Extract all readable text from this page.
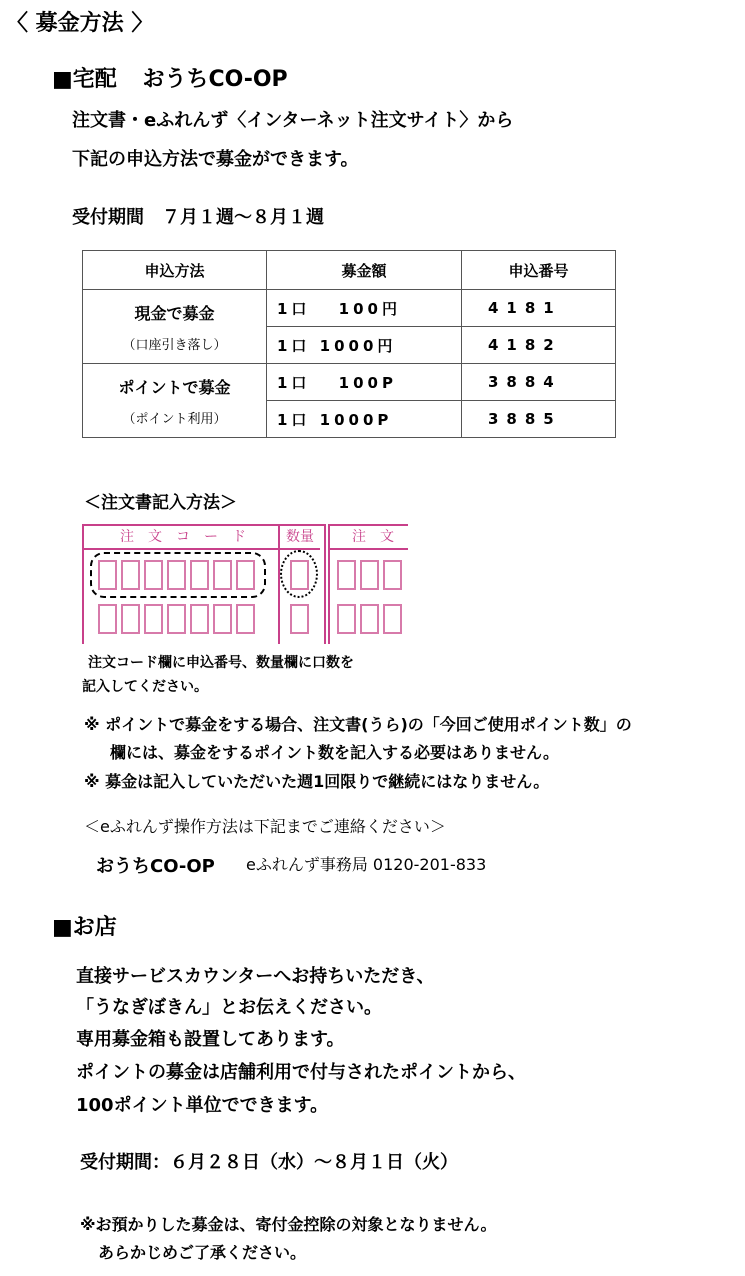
〈 募金方法 〉
■宅配 おうちCO-OP
注文書・eふれんず〈インターネット注文サイト〉から
下記の申込方法で募金ができます。
受付期間　７月１週～８月１週
申込方法	募金額	申込番号
現金で募金
（口座引き落し）	1口　 100円	4181
	1口 1000円	4182
ポイントで募金
（ポイント利用）	1口　 100P	3884
	1口 1000P	3885
＜注文書記入方法＞
注文コード	数量	注文
注文コード欄に申込番号、数量欄に口数を
記入してください。
※ ポイントで募金をする場合、注文書(うら)の「今回ご使用ポイント数」の
欄には、募金をするポイント数を記入する必要はありません。
※ 募金は記入していただいた週1回限りで継続にはなりません。
＜eふれんず操作方法は下記までご連絡ください＞
おうちCO-OP eふれんず事務局 0120-201-833
■お店
直接サービスカウンターへお持ちいただき、
「うなぎぼきん」とお伝えください。
専用募金箱も設置してあります。
ポイントの募金は店舗利用で付与されたポイントから、
100ポイント単位でできます。
受付期間：６月２８日（水）～８月１日（火）
※お預かりした募金は、寄付金控除の対象となりません。
あらかじめご了承ください。
